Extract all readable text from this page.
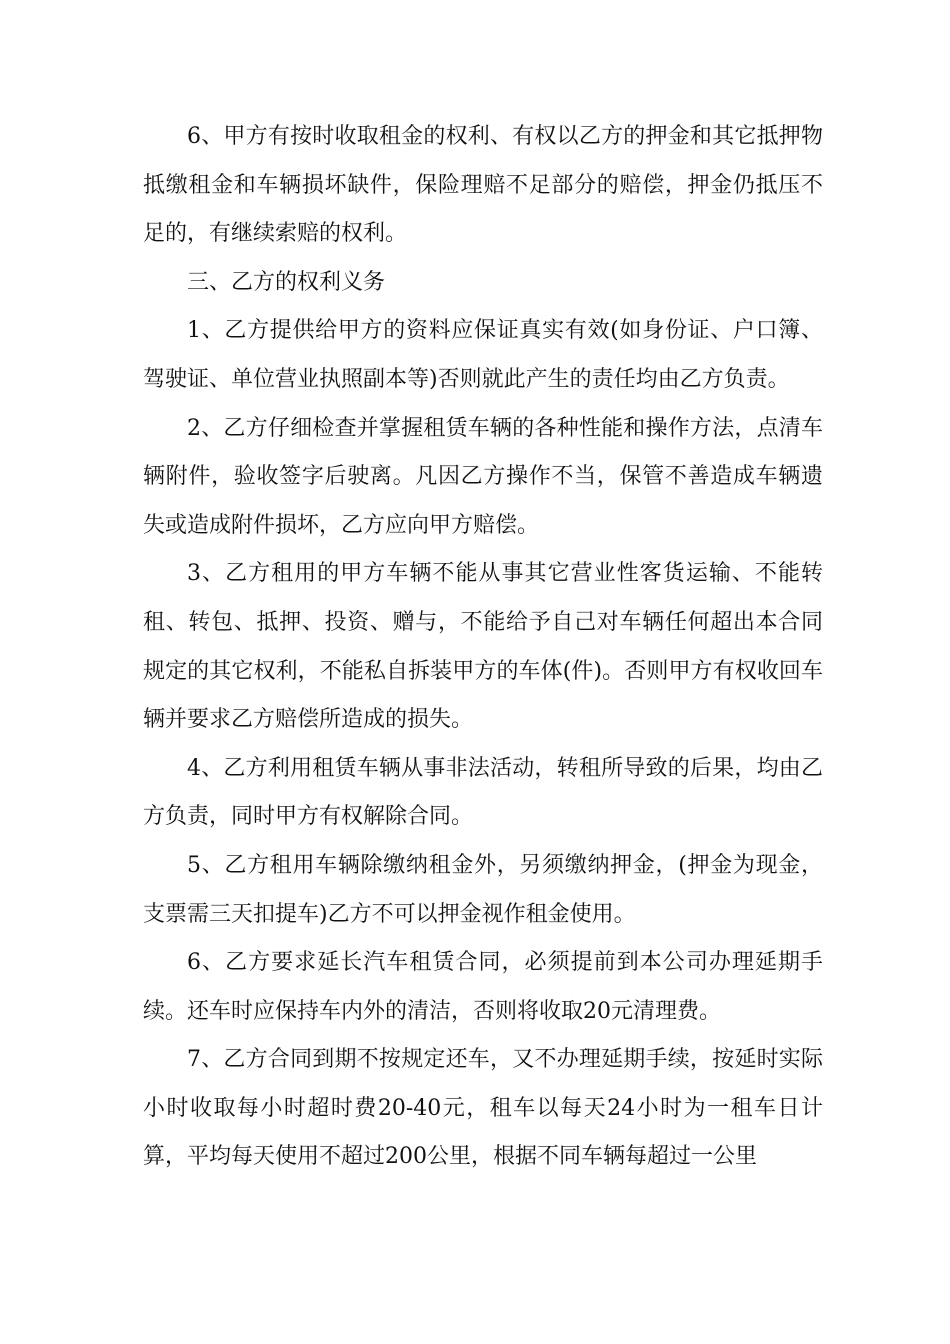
6、甲方有按时收取租金的权利、有权以乙方的押金和其它抵押物抵缴租金和车辆损坏缺件，保险理赔不足部分的赔偿，押金仍抵压不足的，有继续索赔的权利。

三、乙方的权利义务

1、乙方提供给甲方的资料应保证真实有效(如身份证、户口簿、驾驶证、单位营业执照副本等)否则就此产生的责任均由乙方负责。

2、乙方仔细检查并掌握租赁车辆的各种性能和操作方法，点清车辆附件，验收签字后驶离。凡因乙方操作不当，保管不善造成车辆遗失或造成附件损坏，乙方应向甲方赔偿。

3、乙方租用的甲方车辆不能从事其它营业性客货运输、不能转租、转包、抵押、投资、赠与，不能给予自己对车辆任何超出本合同规定的其它权利，不能私自拆装甲方的车体(件)。否则甲方有权收回车辆并要求乙方赔偿所造成的损失。

4、乙方利用租赁车辆从事非法活动，转租所导致的后果，均由乙方负责，同时甲方有权解除合同。

5、乙方租用车辆除缴纳租金外，另须缴纳押金，(押金为现金，支票需三天扣提车)乙方不可以押金视作租金使用。

6、乙方要求延长汽车租赁合同，必须提前到本公司办理延期手续。还车时应保持车内外的清洁，否则将收取20元清理费。

7、乙方合同到期不按规定还车，又不办理延期手续，按延时实际小时收取每小时超时费20-40元，租车以每天24小时为一租车日计算，平均每天使用不超过200公里，根据不同车辆每超过一公里
